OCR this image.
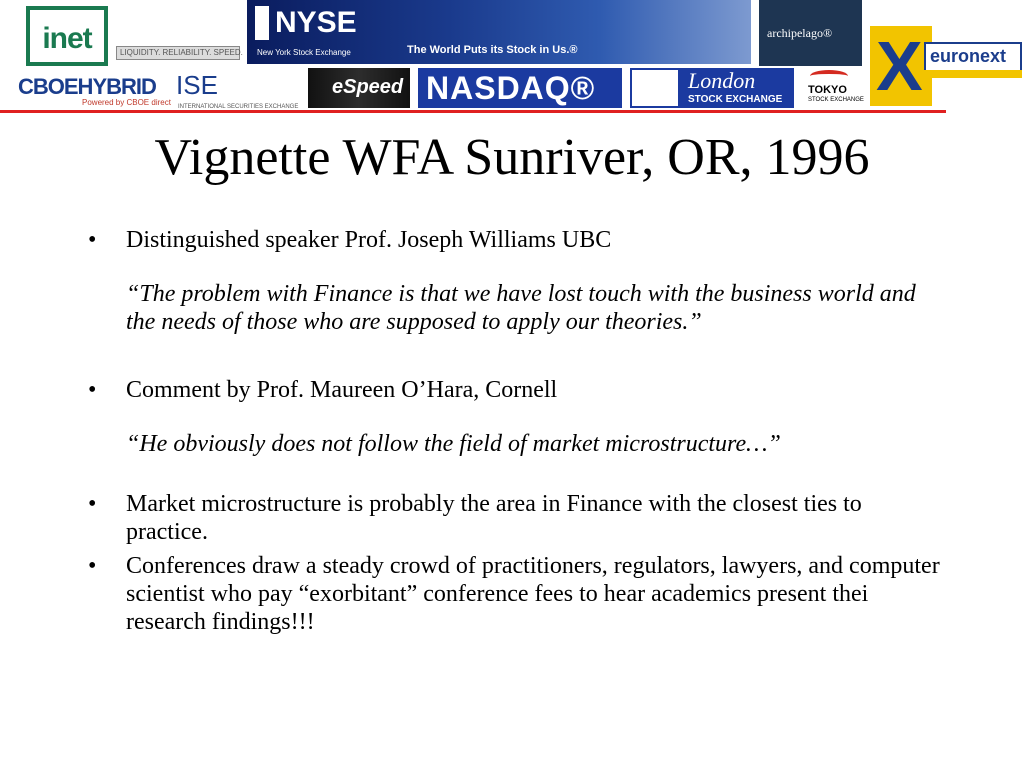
inet	LIQUIDITY. RELIABILITY. SPEED.
NYSE
New York Stock Exchange	The World Puts its Stock in Us.®
archipelago® X euronext
CBOEHYBRID
Powered by CBOE direct
ISE
INTERNATIONAL SECURITIES EXCHANGE
eSpeed NASDAQ®	London
STOCK EXCHANGE
TOKYO
STOCK EXCHANGE
Vignette WFA Sunriver, OR, 1996
• Distinguished speaker Prof. Joseph Williams UBC
“The problem with Finance is that we have lost touch with the business world and the needs of those who are supposed to apply our theories.”
• Comment by Prof. Maureen O’Hara, Cornell
“He obviously does not follow the field of market microstructure…”
• Market microstructure is probably the area in Finance with the closest ties to practice.
• Conferences draw a steady crowd of practitioners, regulators, lawyers, and computer scientist who pay “exorbitant” conference fees to hear academics present thei research findings!!!
